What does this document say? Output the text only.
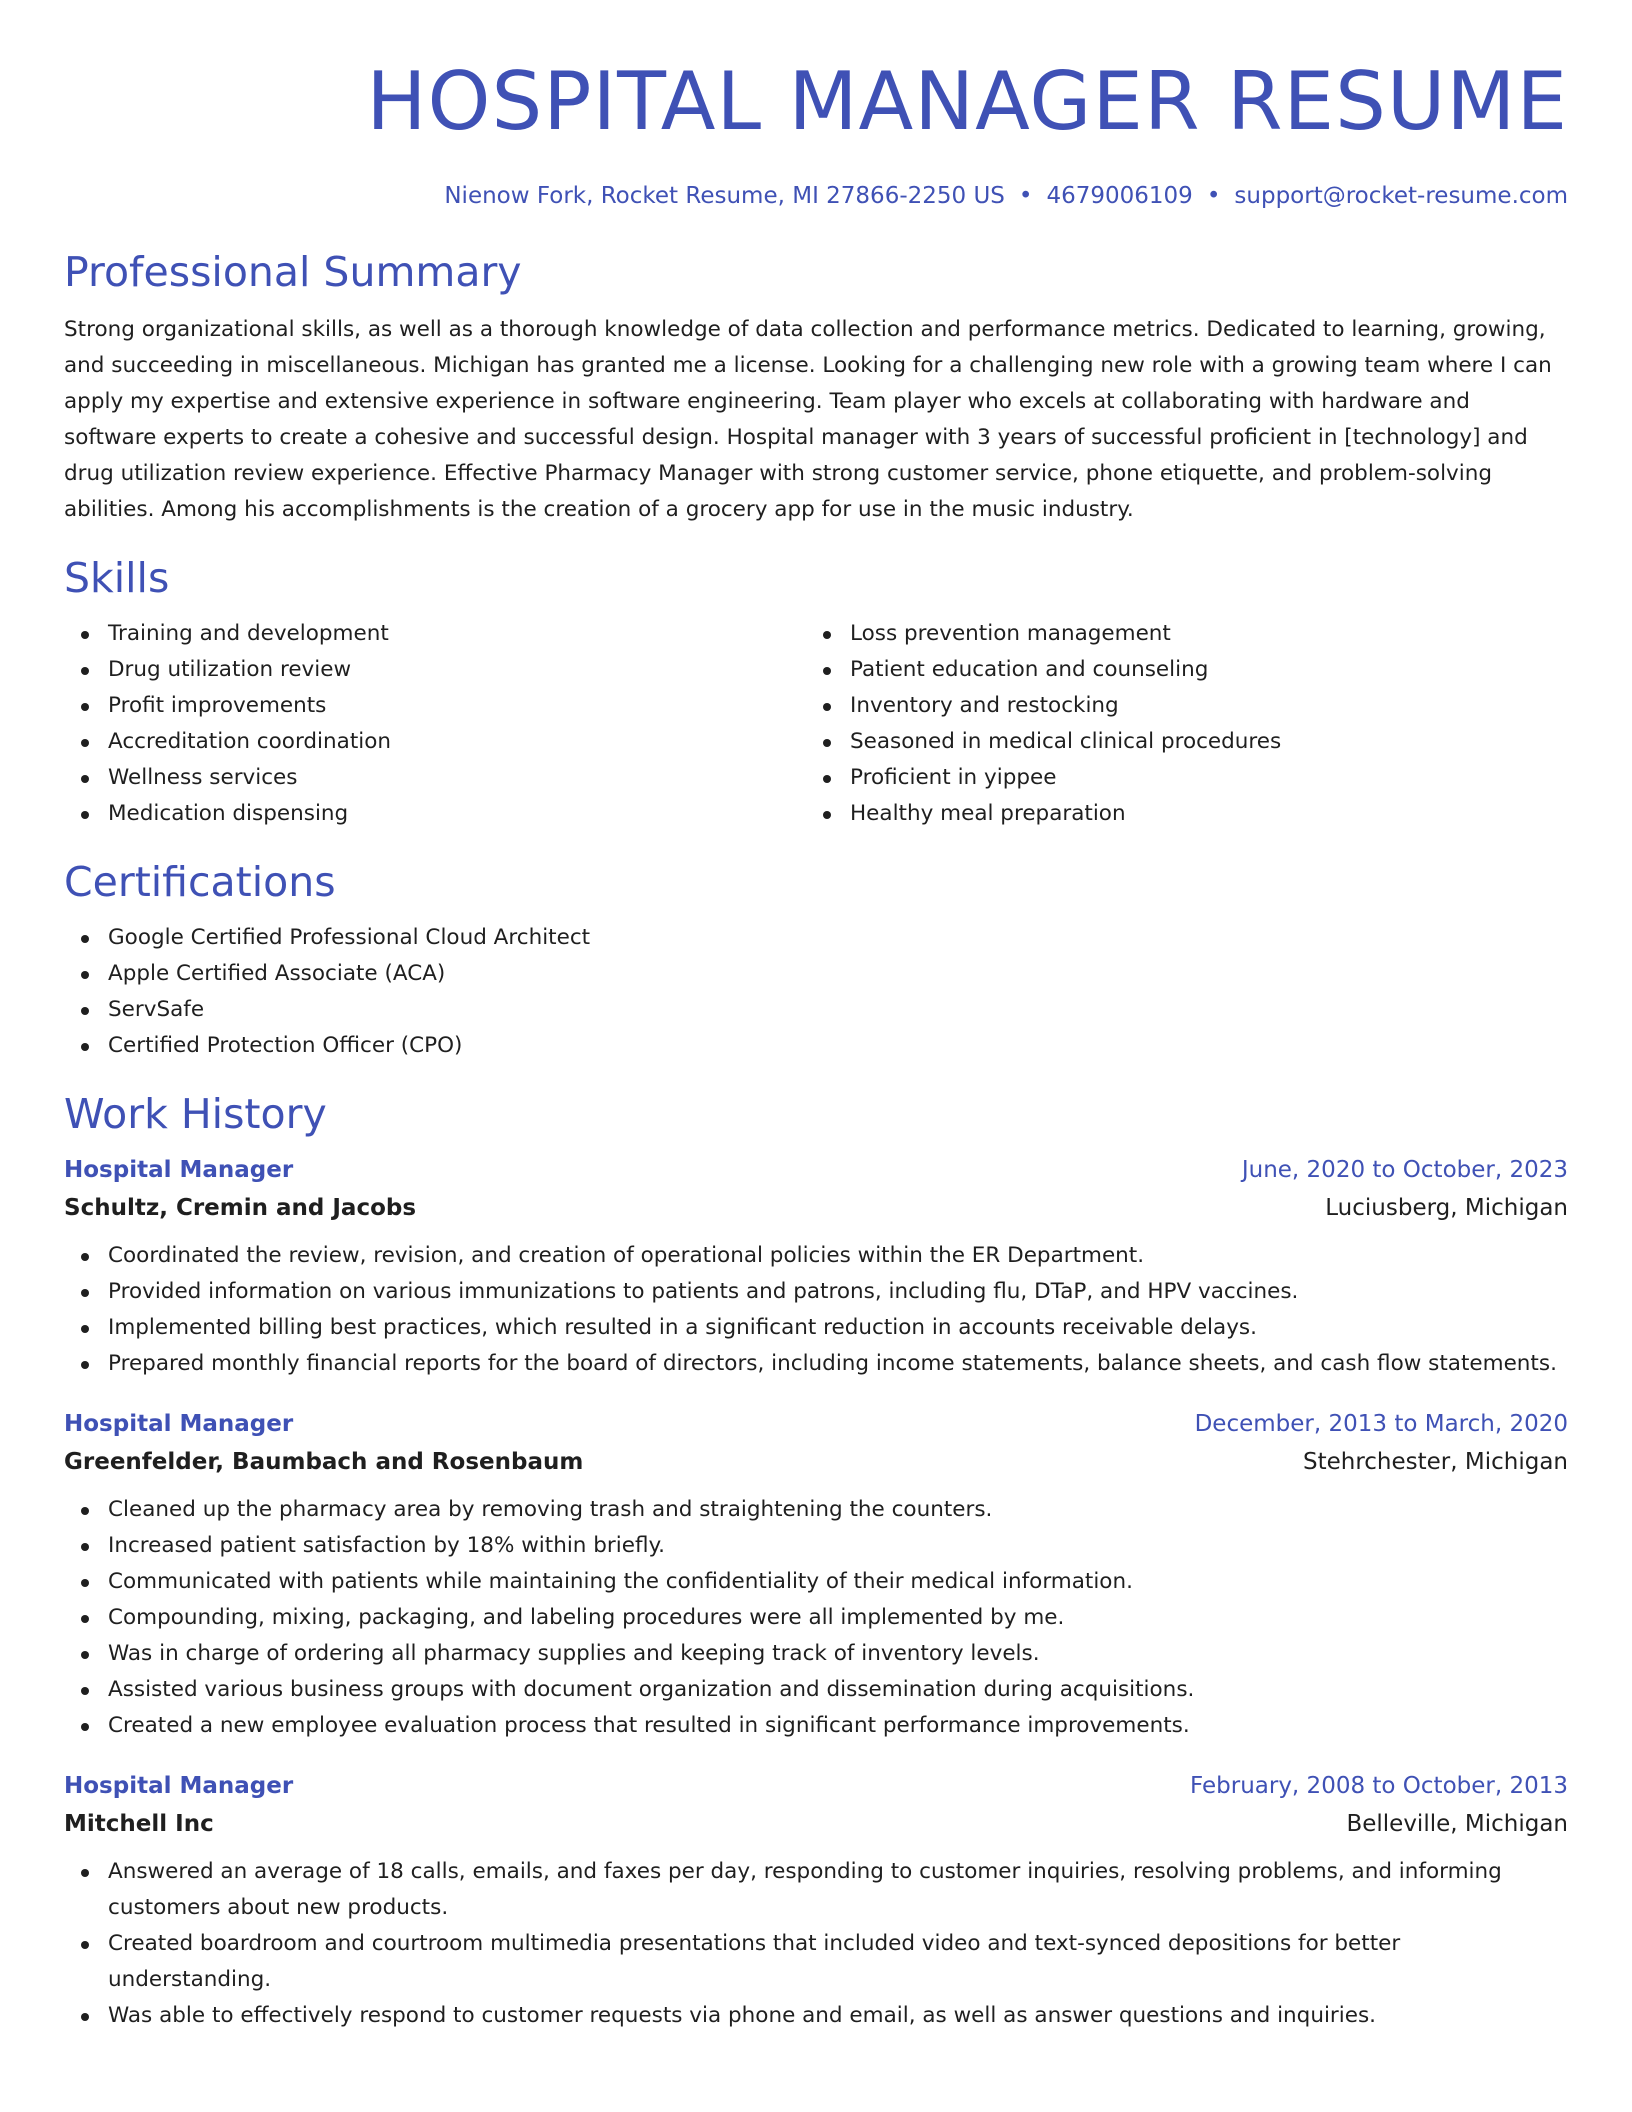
HOSPITAL MANAGER RESUME
Nienow Fork, Rocket Resume, MI 27866-2250 US • 4679006109 • support@rocket-resume.com
Professional Summary

Strong organizational skills, as well as a thorough knowledge of data collection and performance metrics. Dedicated to learning, growing, and succeeding in miscellaneous. Michigan has granted me a license. Looking for a challenging new role with a growing team where I can apply my expertise and extensive experience in software engineering. Team player who excels at collaborating with hardware and software experts to create a cohesive and successful design. Hospital manager with 3 years of successful proficient in [technology] and drug utilization review experience. Effective Pharmacy Manager with strong customer service, phone etiquette, and problem-solving abilities. Among his accomplishments is the creation of a grocery app for use in the music industry.

Skills
Training and development
Drug utilization review
Profit improvements
Accreditation coordination
Wellness services
Medication dispensing
Loss prevention management
Patient education and counseling
Inventory and restocking
Seasoned in medical clinical procedures
Proficient in yippee
Healthy meal preparation
Certifications
Google Certified Professional Cloud Architect
Apple Certified Associate (ACA)
ServSafe
Certified Protection Officer (CPO)
Work History
Hospital Manager	June, 2020 to October, 2023
Schultz, Cremin and Jacobs	Luciusberg, Michigan
Coordinated the review, revision, and creation of operational policies within the ER Department.
Provided information on various immunizations to patients and patrons, including flu, DTaP, and HPV vaccines.
Implemented billing best practices, which resulted in a significant reduction in accounts receivable delays.
Prepared monthly financial reports for the board of directors, including income statements, balance sheets, and cash flow statements.
Hospital Manager	December, 2013 to March, 2020
Greenfelder, Baumbach and Rosenbaum	Stehrchester, Michigan
Cleaned up the pharmacy area by removing trash and straightening the counters.
Increased patient satisfaction by 18% within briefly.
Communicated with patients while maintaining the confidentiality of their medical information.
Compounding, mixing, packaging, and labeling procedures were all implemented by me.
Was in charge of ordering all pharmacy supplies and keeping track of inventory levels.
Assisted various business groups with document organization and dissemination during acquisitions.
Created a new employee evaluation process that resulted in significant performance improvements.
Hospital Manager	February, 2008 to October, 2013
Mitchell Inc	Belleville, Michigan
Answered an average of 18 calls, emails, and faxes per day, responding to customer inquiries, resolving problems, and informing customers about new products.
Created boardroom and courtroom multimedia presentations that included video and text-synced depositions for better understanding.
Was able to effectively respond to customer requests via phone and email, as well as answer questions and inquiries.
